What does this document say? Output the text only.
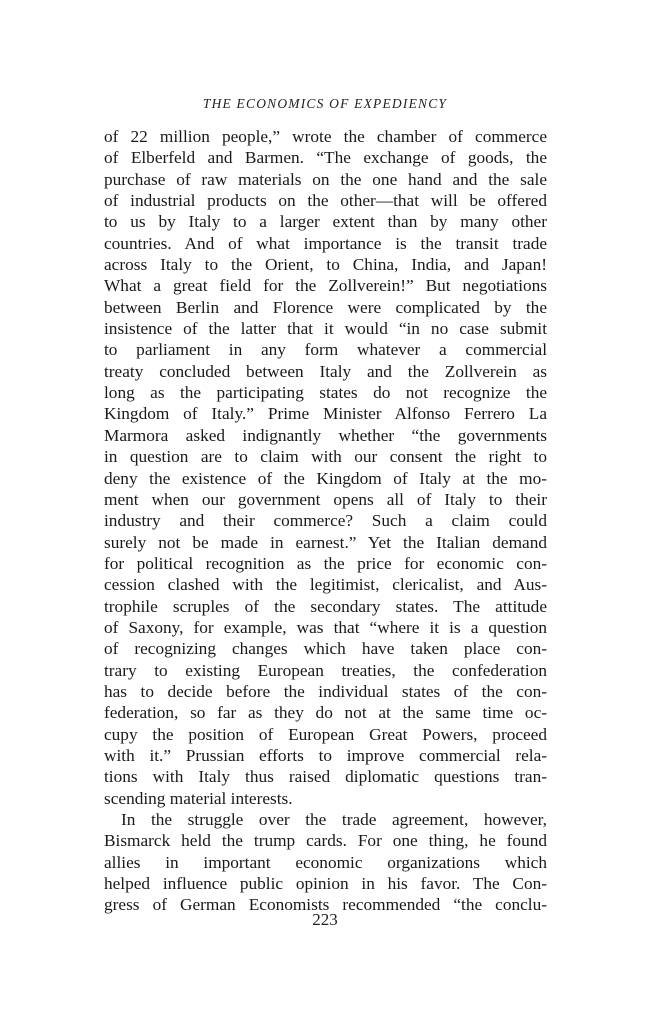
THE ECONOMICS OF EXPEDIENCY
of 22 million people,” wrote the chamber of commerce
of Elberfeld and Barmen. “The exchange of goods, the
purchase of raw materials on the one hand and the sale
of industrial products on the other—that will be offered
to us by Italy to a larger extent than by many other
countries. And of what importance is the transit trade
across Italy to the Orient, to China, India, and Japan!
What a great field for the Zollverein!” But negotiations
between Berlin and Florence were complicated by the
insistence of the latter that it would “in no case submit
to parliament in any form whatever a commercial
treaty concluded between Italy and the Zollverein as
long as the participating states do not recognize the
Kingdom of Italy.” Prime Minister Alfonso Ferrero La
Marmora asked indignantly whether “the governments
in question are to claim with our consent the right to
deny the existence of the Kingdom of Italy at the mo-
ment when our government opens all of Italy to their
industry and their commerce? Such a claim could
surely not be made in earnest.” Yet the Italian demand
for political recognition as the price for economic con-
cession clashed with the legitimist, clericalist, and Aus-
trophile scruples of the secondary states. The attitude
of Saxony, for example, was that “where it is a question
of recognizing changes which have taken place con-
trary to existing European treaties, the confederation
has to decide before the individual states of the con-
federation, so far as they do not at the same time oc-
cupy the position of European Great Powers, proceed
with it.” Prussian efforts to improve commercial rela-
tions with Italy thus raised diplomatic questions tran-
scending material interests.
In the struggle over the trade agreement, however,
Bismarck held the trump cards. For one thing, he found
allies in important economic organizations which
helped influence public opinion in his favor. The Con-
gress of German Economists recommended “the conclu-
223
